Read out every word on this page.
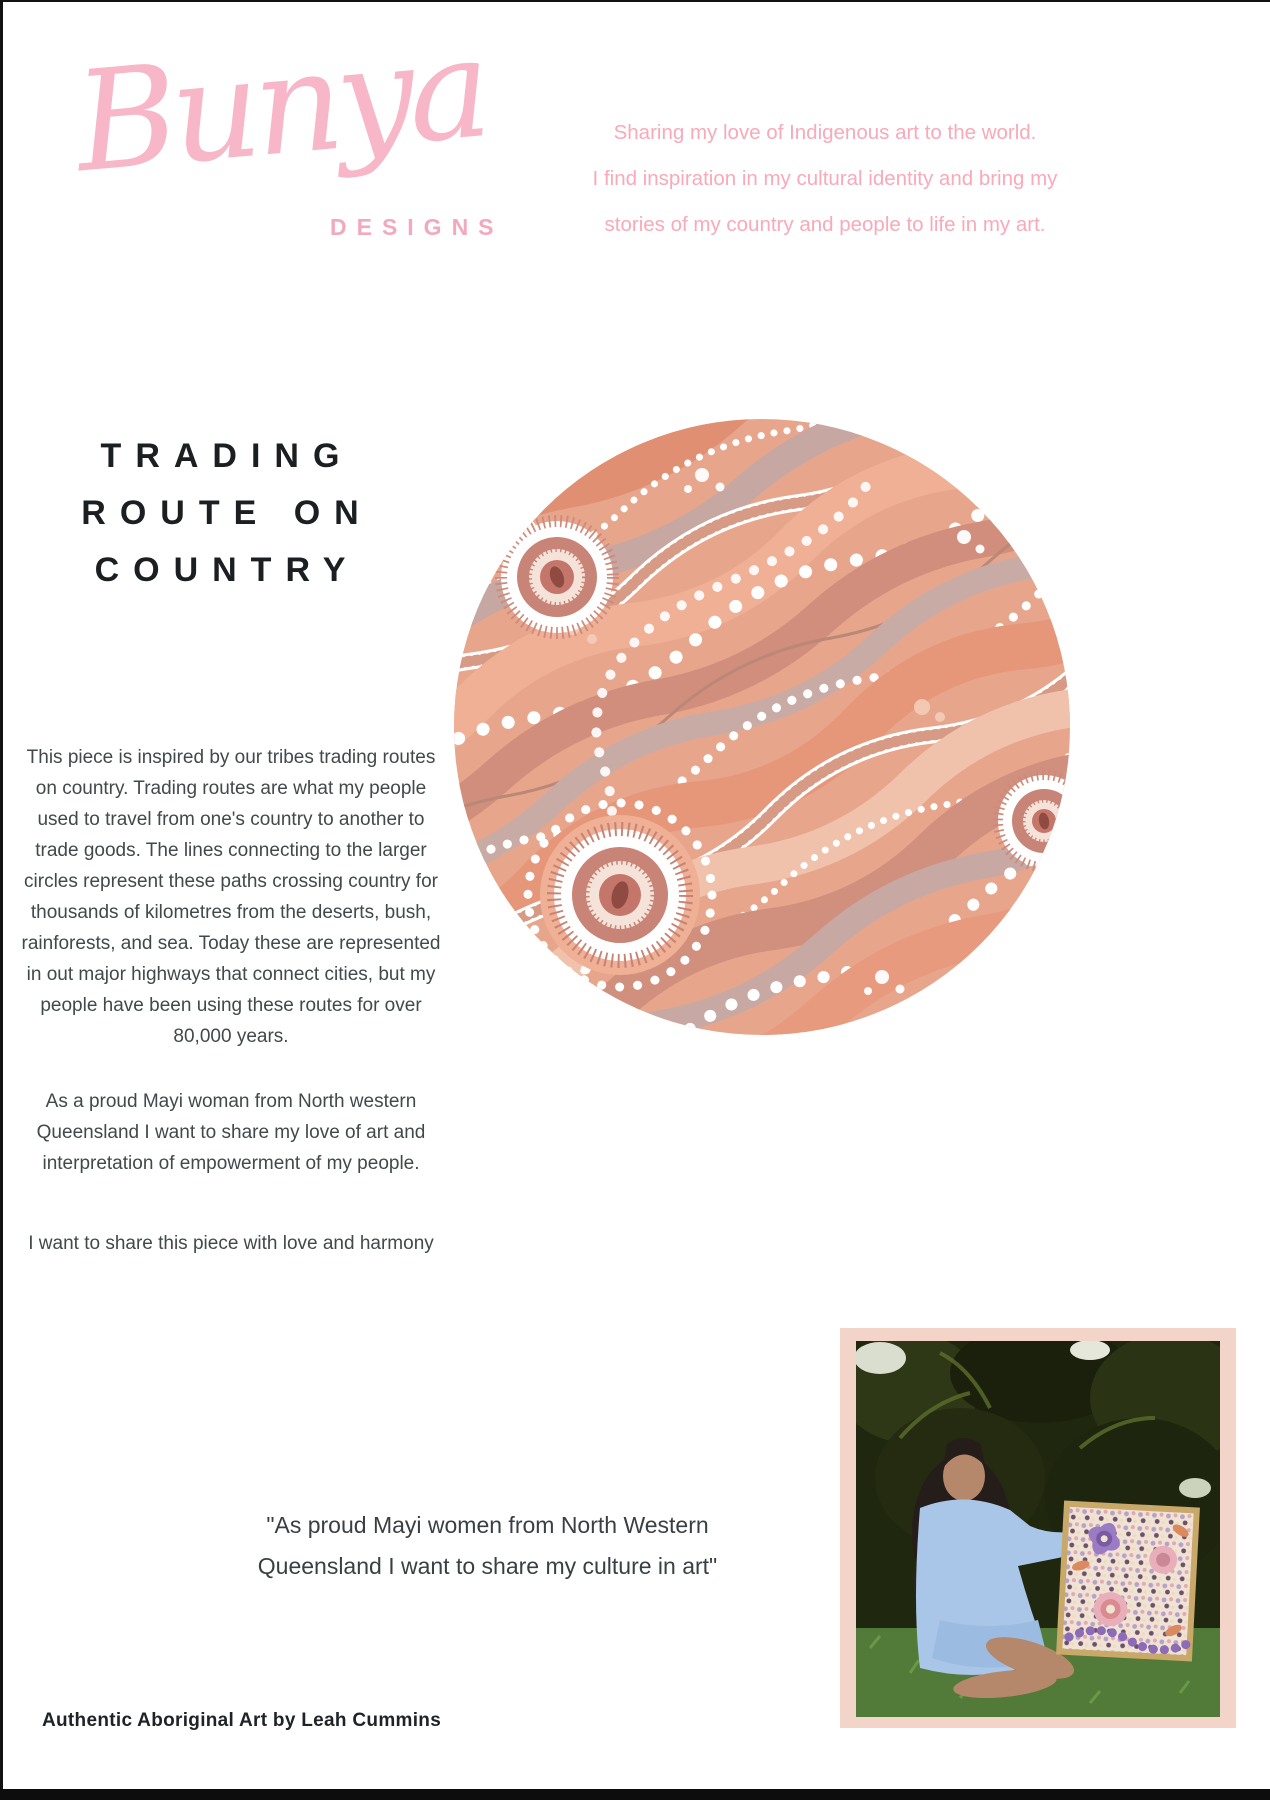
Bunya
DESIGNS
Sharing my love of Indigenous art to the world.
I find inspiration in my cultural identity and bring my
stories of my country and people to life in my art.
TRADING
ROUTE ON
COUNTRY
This piece is inspired by our tribes trading routes on country. Trading routes are what my people used to travel from one's country to another to trade goods. The lines connecting to the larger circles represent these paths crossing country for thousands of kilometres from the deserts, bush, rainforests, and sea. Today these are represented in out major highways that connect cities, but my people have been using these routes for over 80,000 years.
As a proud Mayi woman from North western Queensland I want to share my love of art and interpretation of empowerment of my people.
I want to share this piece with love and harmony
"As proud Mayi women from North Western Queensland I want to share my culture in art"
Authentic Aboriginal Art by Leah Cummins
